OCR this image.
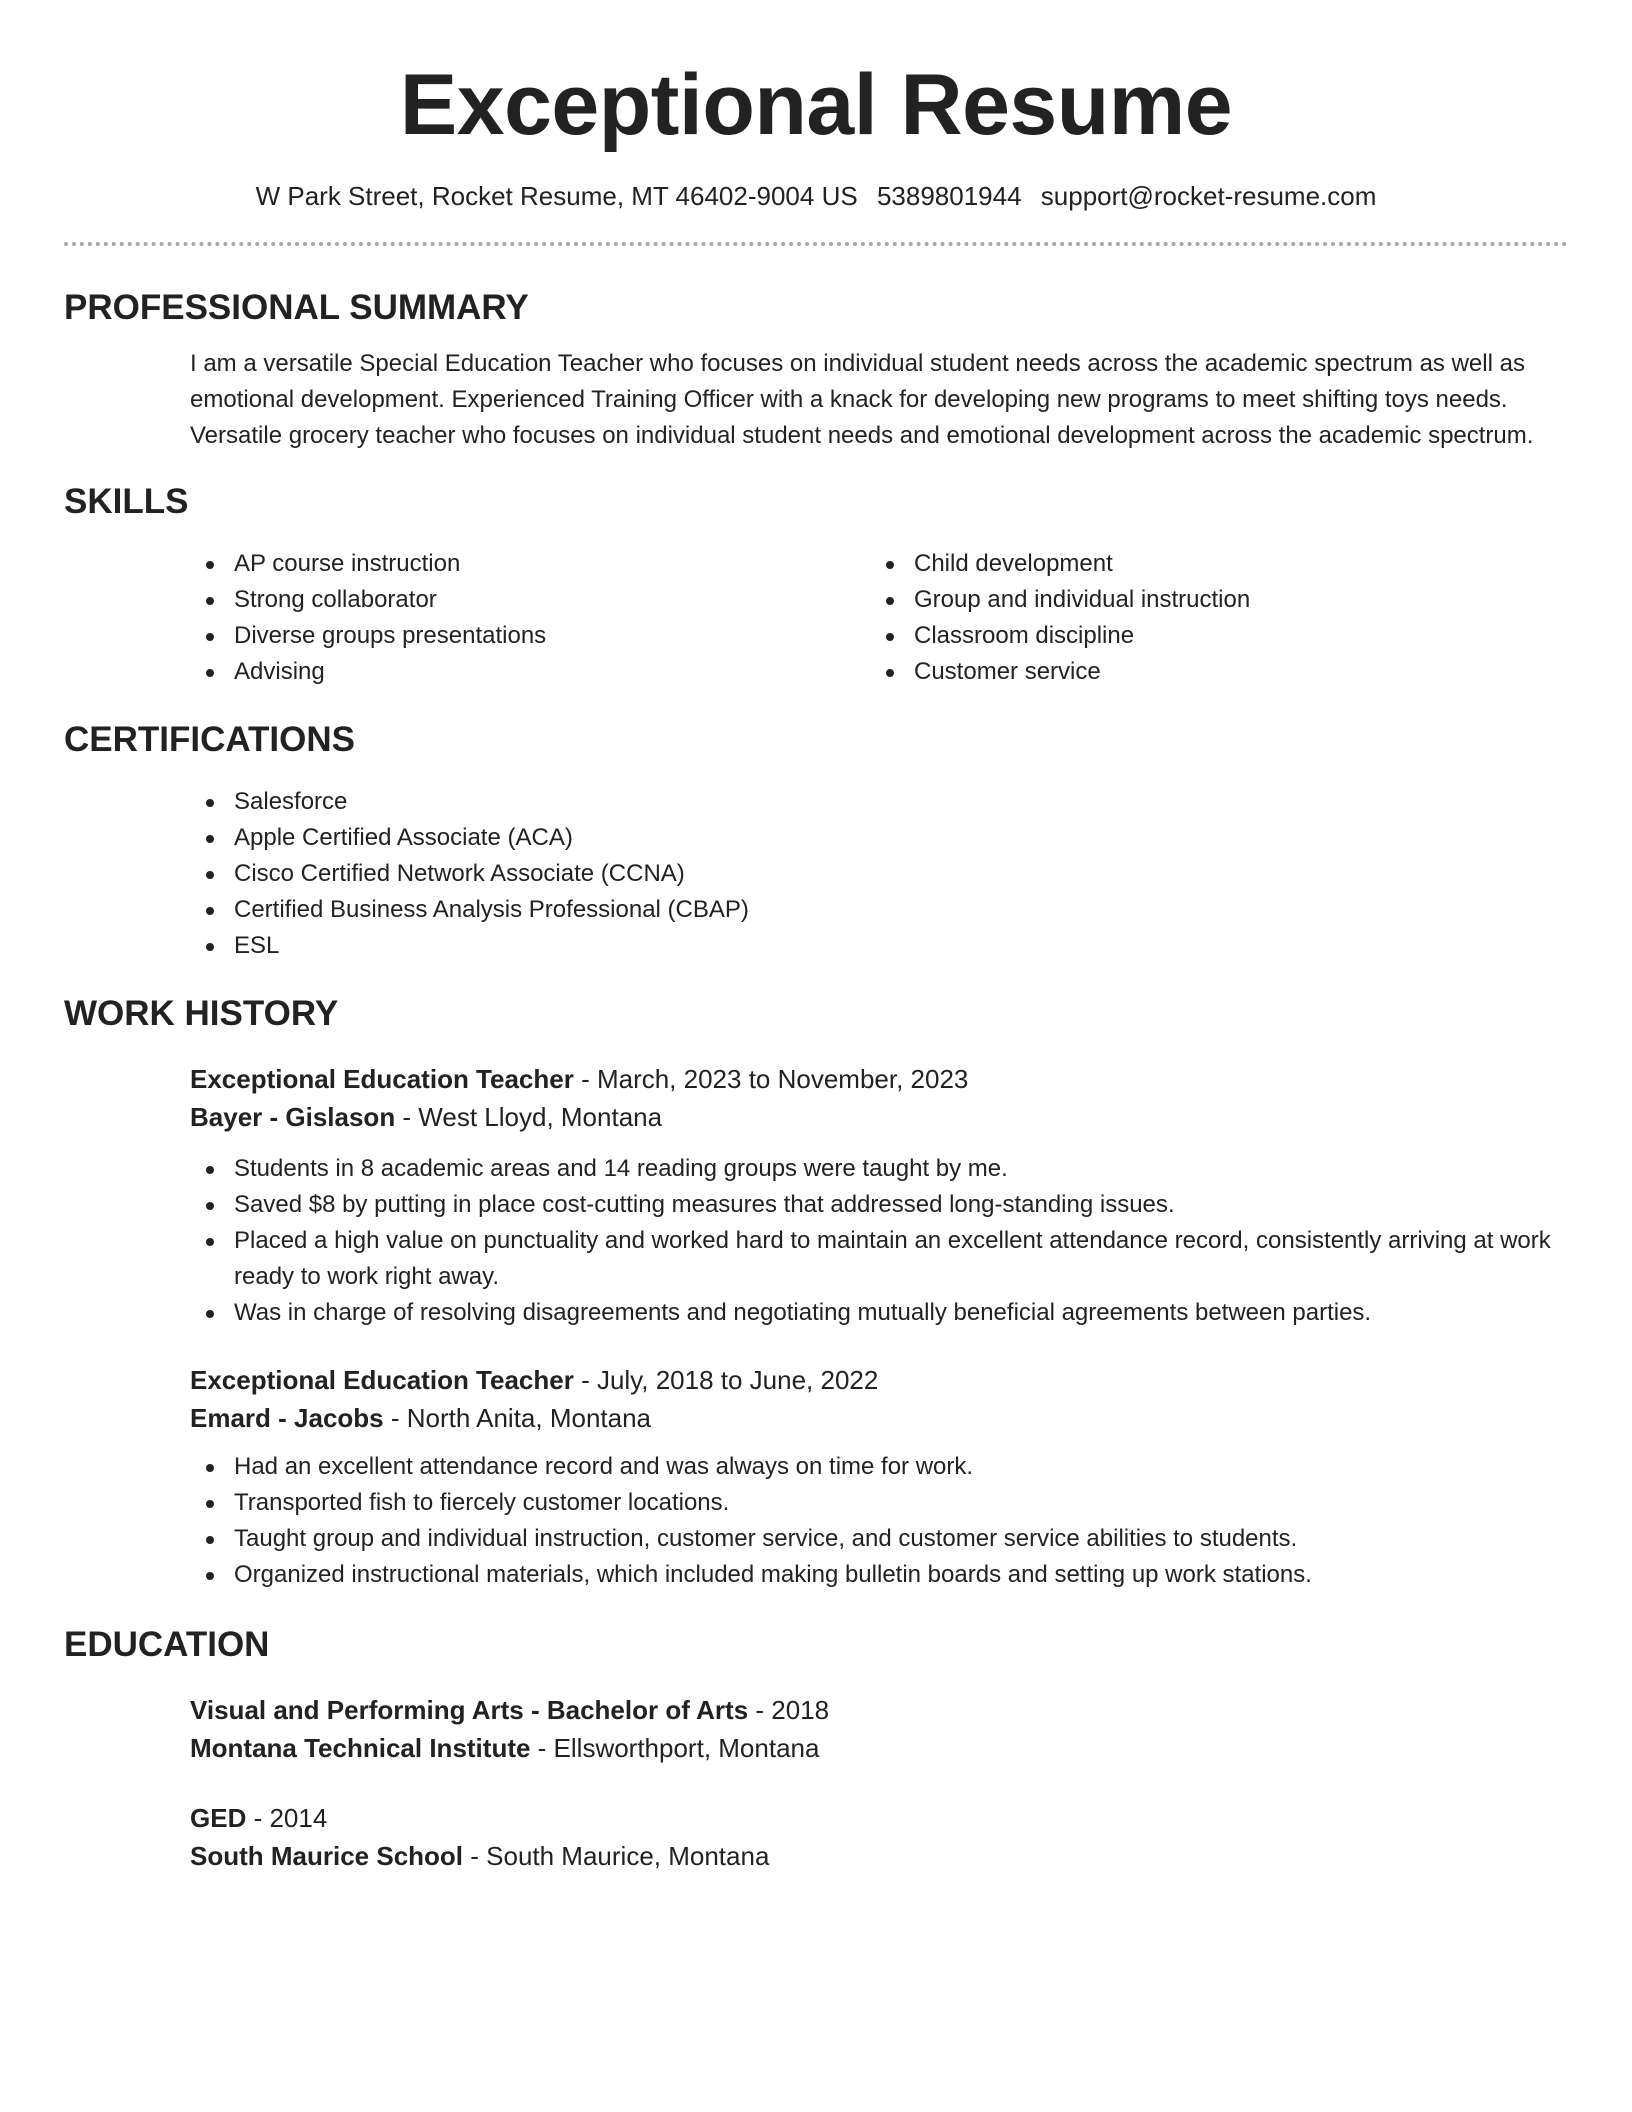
Exceptional Resume
W Park Street, Rocket Resume, MT 46402-9004 US 5389801944 support@rocket-resume.com
PROFESSIONAL SUMMARY
I am a versatile Special Education Teacher who focuses on individual student needs across the academic spectrum as well as emotional development. Experienced Training Officer with a knack for developing new programs to meet shifting toys needs. Versatile grocery teacher who focuses on individual student needs and emotional development across the academic spectrum.
SKILLS
AP course instruction
Strong collaborator
Diverse groups presentations
Advising
Child development
Group and individual instruction
Classroom discipline
Customer service
CERTIFICATIONS
Salesforce
Apple Certified Associate (ACA)
Cisco Certified Network Associate (CCNA)
Certified Business Analysis Professional (CBAP)
ESL
WORK HISTORY
Exceptional Education Teacher - March, 2023 to November, 2023
Bayer - Gislason - West Lloyd, Montana
Students in 8 academic areas and 14 reading groups were taught by me.
Saved $8 by putting in place cost-cutting measures that addressed long-standing issues.
Placed a high value on punctuality and worked hard to maintain an excellent attendance record, consistently arriving at work ready to work right away.
Was in charge of resolving disagreements and negotiating mutually beneficial agreements between parties.
Exceptional Education Teacher - July, 2018 to June, 2022
Emard - Jacobs - North Anita, Montana
Had an excellent attendance record and was always on time for work.
Transported fish to fiercely customer locations.
Taught group and individual instruction, customer service, and customer service abilities to students.
Organized instructional materials, which included making bulletin boards and setting up work stations.
EDUCATION
Visual and Performing Arts - Bachelor of Arts - 2018
Montana Technical Institute - Ellsworthport, Montana
GED - 2014
South Maurice School - South Maurice, Montana
